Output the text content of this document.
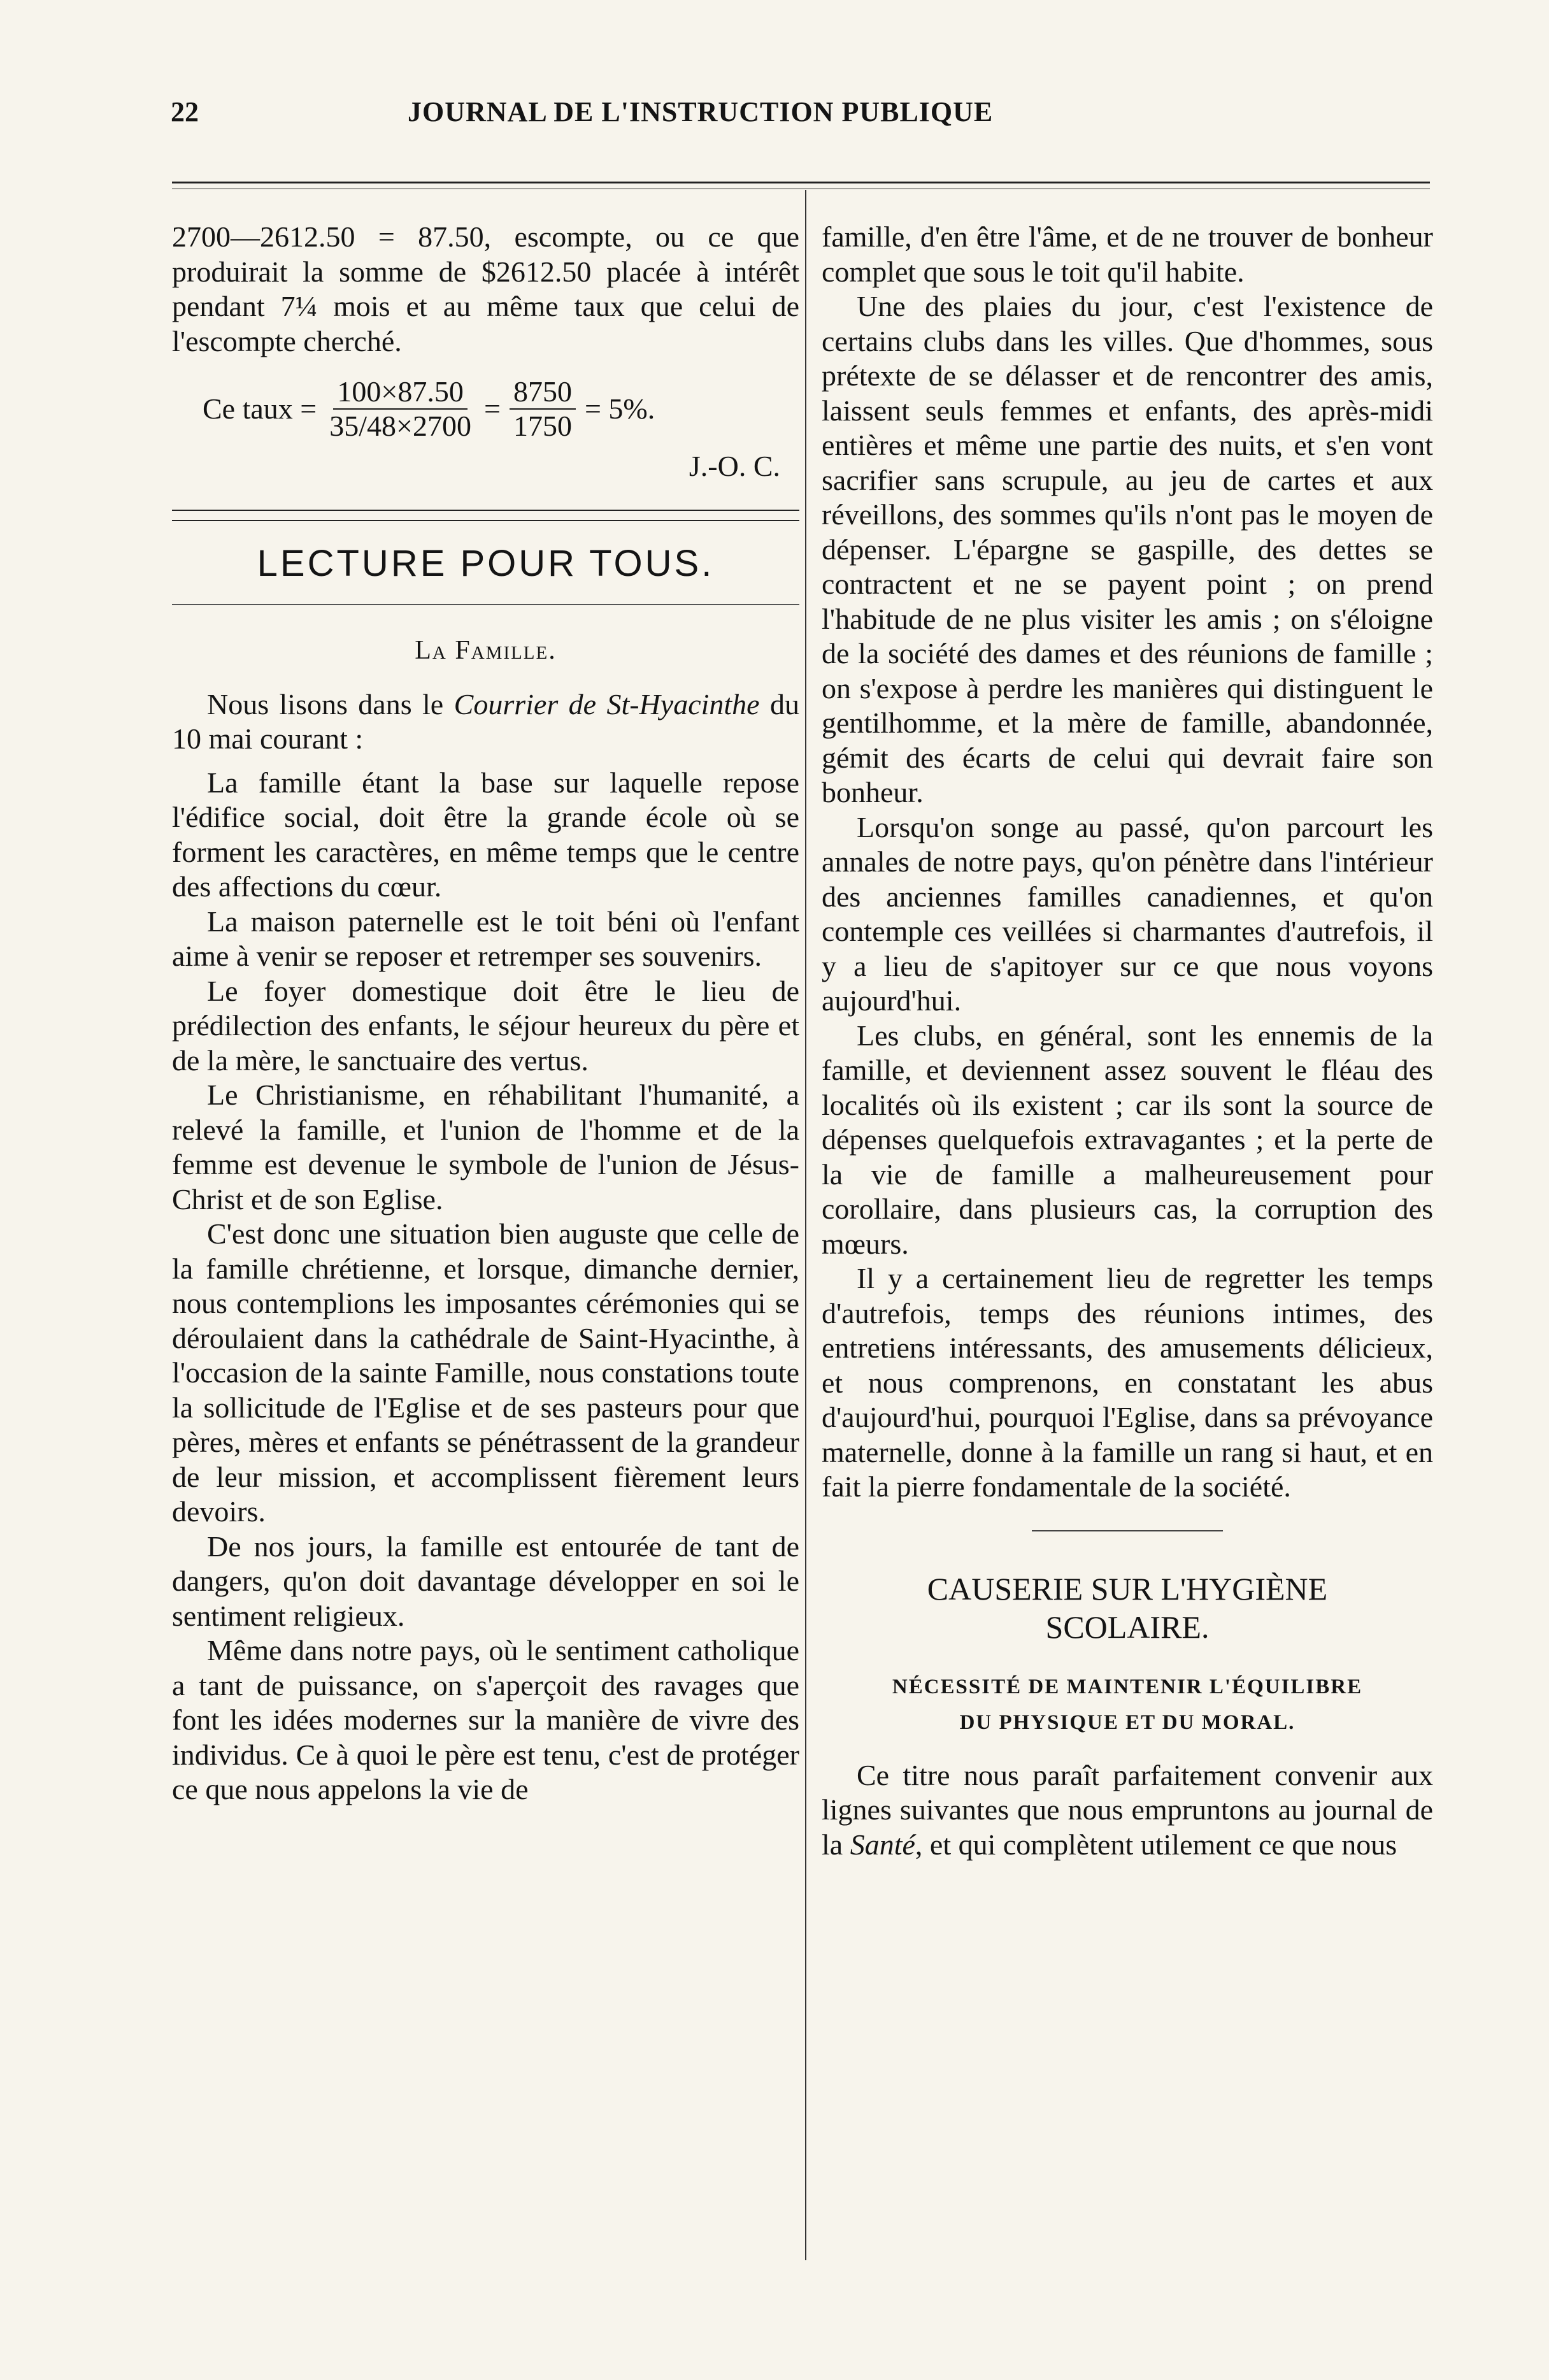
22	JOURNAL DE L'INSTRUCTION PUBLIQUE

2700—2612.50 = 87.50, escompte, ou ce que produirait la somme de $2612.50 placée à intérêt pendant 7¼ mois et au même taux que celui de l'escompte cherché.

Ce taux = $\frac{100\times 87.50}{35/48\times 2700} = \frac{8750}{1750} = 5\%$.
J.-O. C.
LECTURE POUR TOUS.
La Famille.

Nous lisons dans le Courrier de St-Hyacinthe du 10 mai courant :

La famille étant la base sur laquelle repose l'édifice social, doit être la grande école où se forment les caractères, en même temps que le centre des affections du cœur.

La maison paternelle est le toit béni où l'enfant aime à venir se reposer et retremper ses souvenirs.

Le foyer domestique doit être le lieu de prédilection des enfants, le séjour heureux du père et de la mère, le sanctuaire des vertus.

Le Christianisme, en réhabilitant l'humanité, a relevé la famille, et l'union de l'homme et de la femme est devenue le symbole de l'union de Jésus-Christ et de son Eglise.

C'est donc une situation bien auguste que celle de la famille chrétienne, et lorsque, dimanche dernier, nous contemplions les imposantes cérémonies qui se déroulaient dans la cathédrale de Saint-Hyacinthe, à l'occasion de la sainte Famille, nous constations toute la sollicitude de l'Eglise et de ses pasteurs pour que pères, mères et enfants se pénétrassent de la grandeur de leur mission, et accomplissent fièrement leurs devoirs.

De nos jours, la famille est entourée de tant de dangers, qu'on doit davantage développer en soi le sentiment religieux.

Même dans notre pays, où le sentiment catholique a tant de puissance, on s'aperçoit des ravages que font les idées modernes sur la manière de vivre des individus. Ce à quoi le père est tenu, c'est de protéger ce que nous appelons la vie de

famille, d'en être l'âme, et de ne trouver de bonheur complet que sous le toit qu'il habite.

Une des plaies du jour, c'est l'existence de certains clubs dans les villes. Que d'hommes, sous prétexte de se délasser et de rencontrer des amis, laissent seuls femmes et enfants, des après-midi entières et même une partie des nuits, et s'en vont sacrifier sans scrupule, au jeu de cartes et aux réveillons, des sommes qu'ils n'ont pas le moyen de dépenser. L'épargne se gaspille, des dettes se contractent et ne se payent point ; on prend l'habitude de ne plus visiter les amis ; on s'éloigne de la société des dames et des réunions de famille ; on s'expose à perdre les manières qui distinguent le gentilhomme, et la mère de famille, abandonnée, gémit des écarts de celui qui devrait faire son bonheur.

Lorsqu'on songe au passé, qu'on parcourt les annales de notre pays, qu'on pénètre dans l'intérieur des anciennes familles canadiennes, et qu'on contemple ces veillées si charmantes d'autrefois, il y a lieu de s'apitoyer sur ce que nous voyons aujourd'hui.

Les clubs, en général, sont les ennemis de la famille, et deviennent assez souvent le fléau des localités où ils existent ; car ils sont la source de dépenses quelquefois extravagantes ; et la perte de la vie de famille a malheureusement pour corollaire, dans plusieurs cas, la corruption des mœurs.

Il y a certainement lieu de regretter les temps d'autrefois, temps des réunions intimes, des entretiens intéressants, des amusements délicieux, et nous comprenons, en constatant les abus d'aujourd'hui, pourquoi l'Eglise, dans sa prévoyance maternelle, donne à la famille un rang si haut, et en fait la pierre fondamentale de la société.

CAUSERIE SUR L'HYGIÈNE
SCOLAIRE.
NÉCESSITÉ DE MAINTENIR L'ÉQUILIBRE
DU PHYSIQUE ET DU MORAL.

Ce titre nous paraît parfaitement convenir aux lignes suivantes que nous empruntons au journal de la Santé, et qui complètent utilement ce que nous
